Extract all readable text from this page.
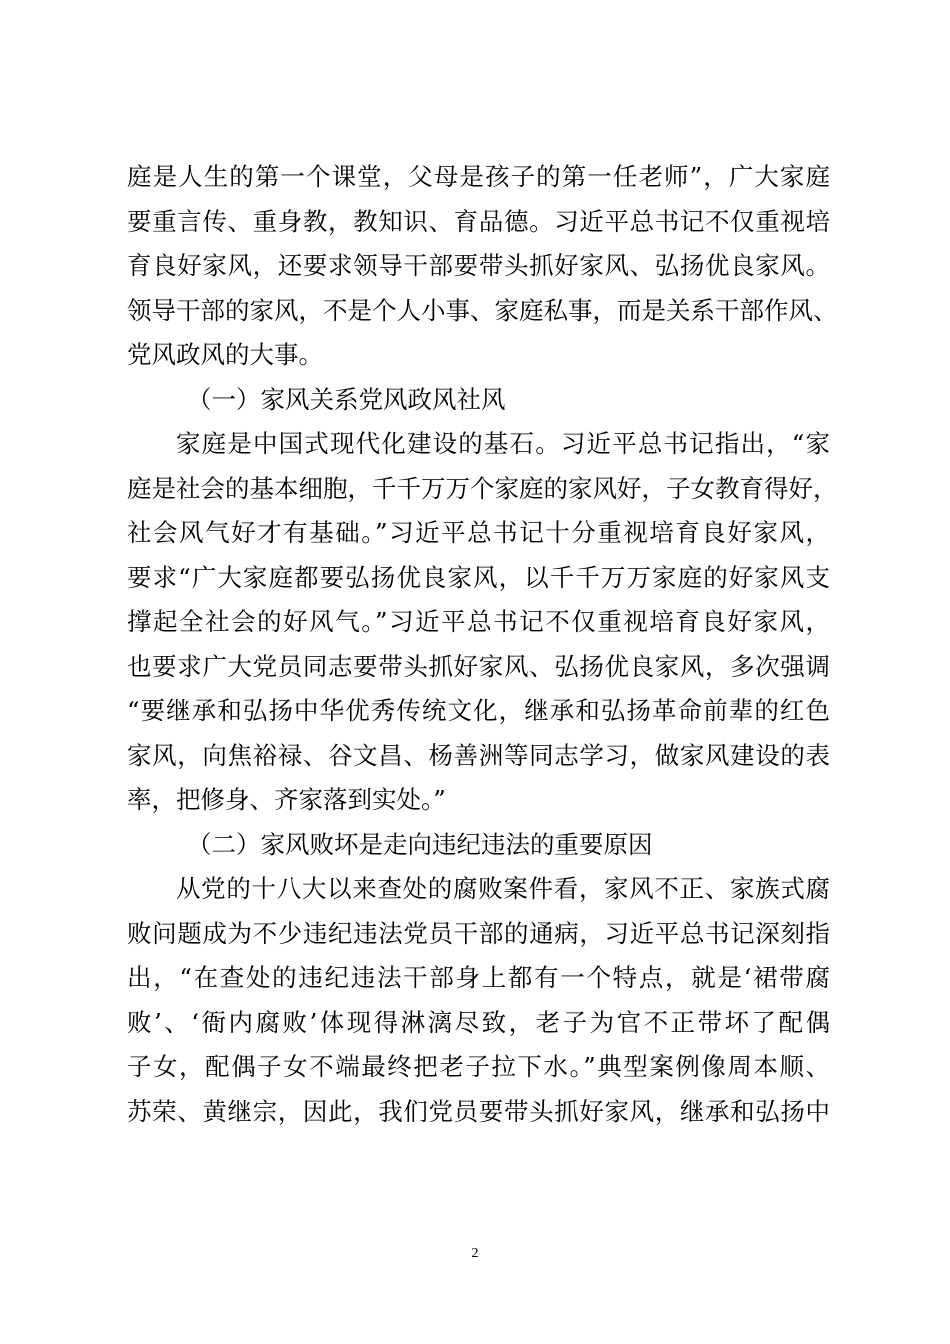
庭是人生的第一个课堂，父母是孩子的第一任老师”，广大家庭
要重言传、重身教，教知识、育品德。习近平总书记不仅重视培
育良好家风，还要求领导干部要带头抓好家风、弘扬优良家风。
领导干部的家风，不是个人小事、家庭私事，而是关系干部作风、
党风政风的大事。
（一）家风关系党风政风社风
家庭是中国式现代化建设的基石。习近平总书记指出，“家
庭是社会的基本细胞，千千万万个家庭的家风好，子女教育得好，
社会风气好才有基础。”习近平总书记十分重视培育良好家风，
要求“广大家庭都要弘扬优良家风，以千千万万家庭的好家风支
撑起全社会的好风气。”习近平总书记不仅重视培育良好家风，
也要求广大党员同志要带头抓好家风、弘扬优良家风，多次强调
“要继承和弘扬中华优秀传统文化，继承和弘扬革命前辈的红色
家风，向焦裕禄、谷文昌、杨善洲等同志学习，做家风建设的表
率，把修身、齐家落到实处。”
（二）家风败坏是走向违纪违法的重要原因
从党的十八大以来查处的腐败案件看，家风不正、家族式腐
败问题成为不少违纪违法党员干部的通病，习近平总书记深刻指
出，“在查处的违纪违法干部身上都有一个特点，就是‘裙带腐
败’、‘衙内腐败’体现得淋漓尽致，老子为官不正带坏了配偶
子女，配偶子女不端最终把老子拉下水。”典型案例像周本顺、
苏荣、黄继宗，因此，我们党员要带头抓好家风，继承和弘扬中
2
